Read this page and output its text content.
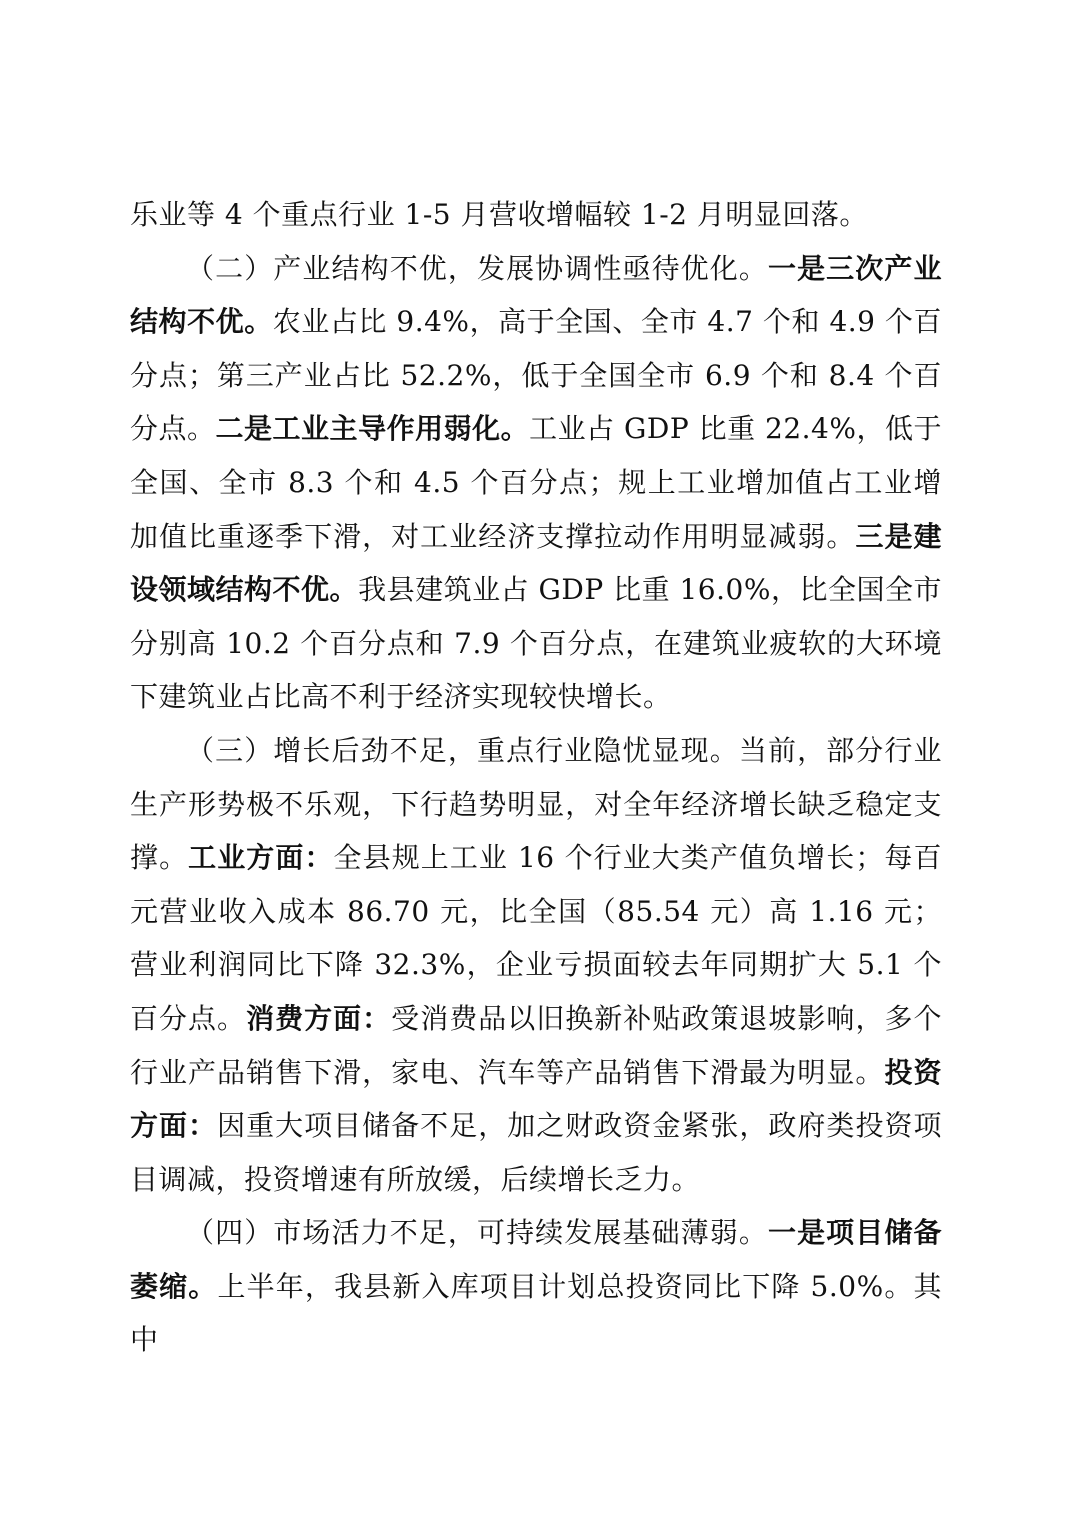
乐业等 4 个重点行业 1-5 月营收增幅较 1-2 月明显回落。

（二）产业结构不优，发展协调性亟待优化。一是三次产业结构不优。农业占比 9.4%，高于全国、全市 4.7 个和 4.9 个百分点；第三产业占比 52.2%，低于全国全市 6.9 个和 8.4 个百分点。二是工业主导作用弱化。工业占 GDP 比重 22.4%，低于全国、全市 8.3 个和 4.5 个百分点；规上工业增加值占工业增加值比重逐季下滑，对工业经济支撑拉动作用明显减弱。三是建设领域结构不优。我县建筑业占 GDP 比重 16.0%，比全国全市分别高 10.2 个百分点和 7.9 个百分点，在建筑业疲软的大环境下建筑业占比高不利于经济实现较快增长。

（三）增长后劲不足，重点行业隐忧显现。当前，部分行业生产形势极不乐观，下行趋势明显，对全年经济增长缺乏稳定支撑。工业方面：全县规上工业 16 个行业大类产值负增长；每百元营业收入成本 86.70 元，比全国（85.54 元）高 1.16 元；营业利润同比下降 32.3%，企业亏损面较去年同期扩大 5.1 个百分点。消费方面：受消费品以旧换新补贴政策退坡影响，多个行业产品销售下滑，家电、汽车等产品销售下滑最为明显。投资方面：因重大项目储备不足，加之财政资金紧张，政府类投资项目调减，投资增速有所放缓，后续增长乏力。

（四）市场活力不足，可持续发展基础薄弱。一是项目储备萎缩。上半年，我县新入库项目计划总投资同比下降 5.0%。其中
